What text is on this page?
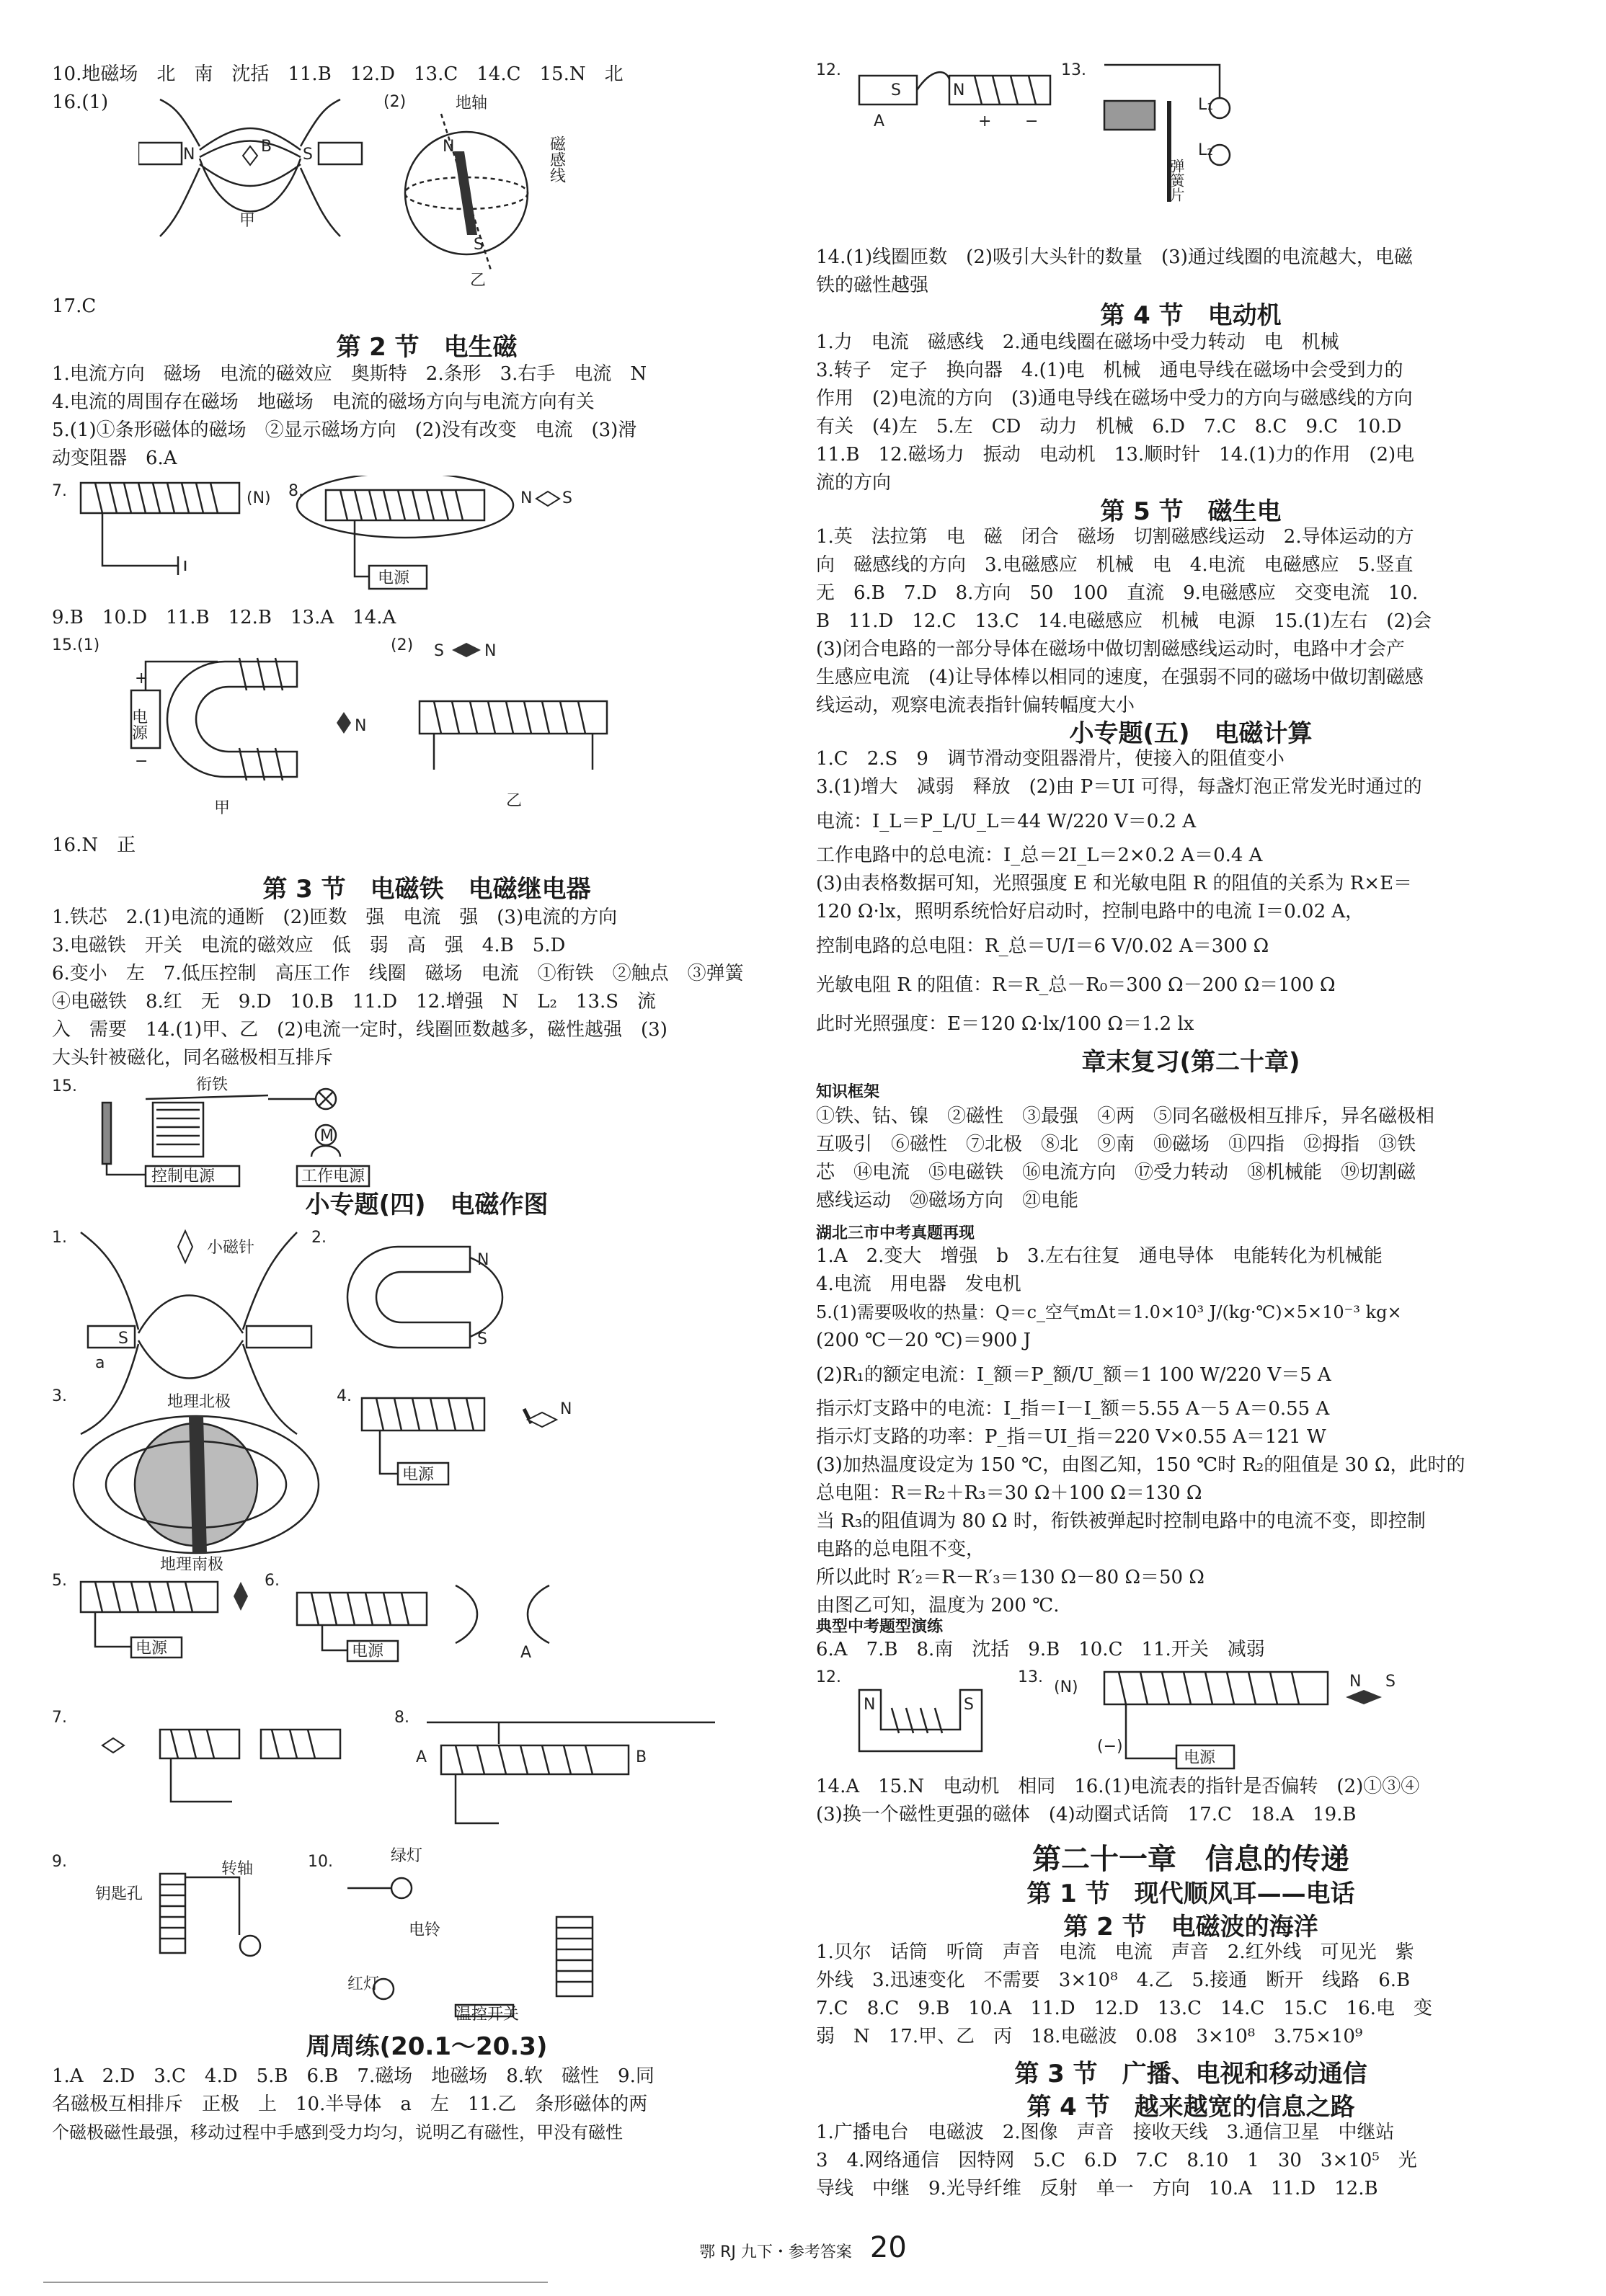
10.地磁场　北　南　沈括　11.B　12.D　13.C　14.C　15.N　北
16.(1)
N	S
B
甲
(2)	地轴
N
S
磁感线
乙
17.C
第 2 节　电生磁
1.电流方向　磁场　电流的磁效应　奥斯特　2.条形　3.右手　电流　N
4.电流的周围存在磁场　地磁场　电流的磁场方向与电流方向有关
5.(1)①条形磁体的磁场　②显示磁场方向　(2)没有改变　电流　(3)滑
动变阻器　6.A
7.	(N) 8.	N S
电源
9.B　10.D　11.B　12.B　13.A　14.A
15.(1)
+
−
电源	N
甲
(2) S	N
乙
16.N　正
第 3 节　电磁铁　电磁继电器
1.铁芯　2.(1)电流的通断　(2)匝数　强　电流　强　(3)电流的方向
3.电磁铁　开关　电流的磁效应　低　弱　高　强　4.B　5.D
6.变小　左　7.低压控制　高压工作　线圈　磁场　电流　①衔铁　②触点　③弹簧
④电磁铁　8.红　无　9.D　10.B　11.D　12.增强　N　L₂　13.S　流
入　需要　14.(1)甲、乙　(2)电流一定时，线圈匝数越多，磁性越强　(3)
大头针被磁化，同名磁极相互排斥
15.	衔铁
控制电源
M
工作电源
小专题(四)　电磁作图
1.
小磁针
S
a
2.
N
S
3.	地理北极
地理南极
4.
电源
N
5.
电源
6.
电源	A
7.	8.
A	B
9.
钥匙孔
转轴	10.	绿灯
电铃
红灯
温控开关
周周练(20.1～20.3)
1.A　2.D　3.C　4.D　5.B　6.B　7.磁场　地磁场　8.软　磁性　9.同
名磁极互相排斥　正极　上　10.半导体　a　左　11.乙　条形磁体的两
个磁极磁性最强，移动过程中手感到受力均匀，说明乙有磁性，甲没有磁性
12.
S
A
N
+ −
13.
弹簧片
L₁
L₂
14.(1)线圈匝数　(2)吸引大头针的数量　(3)通过线圈的电流越大，电磁
铁的磁性越强
第 4 节　电动机
1.力　电流　磁感线　2.通电线圈在磁场中受力转动　电　机械
3.转子　定子　换向器　4.(1)电　机械　通电导线在磁场中会受到力的
作用　(2)电流的方向　(3)通电导线在磁场中受力的方向与磁感线的方向
有关　(4)左　5.左　CD　动力　机械　6.D　7.C　8.C　9.C　10.D
11.B　12.磁场力　振动　电动机　13.顺时针　14.(1)力的作用　(2)电
流的方向
第 5 节　磁生电
1.英　法拉第　电　磁　闭合　磁场　切割磁感线运动　2.导体运动的方
向　磁感线的方向　3.电磁感应　机械　电　4.电流　电磁感应　5.竖直
无　6.B　7.D　8.方向　50　100　直流　9.电磁感应　交变电流　10.
B　11.D　12.C　13.C　14.电磁感应　机械　电源　15.(1)左右　(2)会
(3)闭合电路的一部分导体在磁场中做切割磁感线运动时，电路中才会产
生感应电流　(4)让导体棒以相同的速度，在强弱不同的磁场中做切割磁感
线运动，观察电流表指针偏转幅度大小
小专题(五)　电磁计算
1.C　2.S　9　调节滑动变阻器滑片，使接入的阻值变小
3.(1)增大　减弱　释放　(2)由 P＝UI 可得，每盏灯泡正常发光时通过的
电流：I_L＝P_L/U_L＝44 W/220 V＝0.2 A
工作电路中的总电流：I_总＝2I_L＝2×0.2 A＝0.4 A
(3)由表格数据可知，光照强度 E 和光敏电阻 R 的阻值的关系为 R×E＝
120 Ω·lx，照明系统恰好启动时，控制电路中的电流 I＝0.02 A，
控制电路的总电阻：R_总＝U/I＝6 V/0.02 A＝300 Ω
光敏电阻 R 的阻值：R＝R_总－R₀＝300 Ω－200 Ω＝100 Ω
此时光照强度：E＝120 Ω·lx/100 Ω＝1.2 lx
章末复习(第二十章)
知识框架
①铁、钴、镍　②磁性　③最强　④两　⑤同名磁极相互排斥，异名磁极相
互吸引　⑥磁性　⑦北极　⑧北　⑨南　⑩磁场　⑪四指　⑫拇指　⑬铁
芯　⑭电流　⑮电磁铁　⑯电流方向　⑰受力转动　⑱机械能　⑲切割磁
感线运动　⑳磁场方向　㉑电能
湖北三市中考真题再现
1.A　2.变大　增强　b　3.左右往复　通电导体　电能转化为机械能
4.电流　用电器　发电机
5.(1)需要吸收的热量：Q＝c_空气mΔt＝1.0×10³ J/(kg·℃)×5×10⁻³ kg×
(200 ℃－20 ℃)＝900 J
(2)R₁的额定电流：I_额＝P_额/U_额＝1 100 W/220 V＝5 A
指示灯支路中的电流：I_指＝I－I_额＝5.55 A－5 A＝0.55 A
指示灯支路的功率：P_指＝UI_指＝220 V×0.55 A＝121 W
(3)加热温度设定为 150 ℃，由图乙知，150 ℃时 R₂的阻值是 30 Ω，此时的
总电阻：R＝R₂＋R₃＝30 Ω＋100 Ω＝130 Ω
当 R₃的阻值调为 80 Ω 时，衔铁被弹起时控制电路中的电流不变，即控制
电路的总电阻不变，
所以此时 R′₂＝R－R′₃＝130 Ω－80 Ω＝50 Ω
由图乙可知，温度为 200 ℃.
典型中考题型演练
6.A　7.B　8.南　沈括　9.B　10.C　11.开关　减弱
12.
N	S
13.
(N)	N S
(−)
电源
14.A　15.N　电动机　相同　16.(1)电流表的指针是否偏转　(2)①③④
(3)换一个磁性更强的磁体　(4)动圈式话筒　17.C　18.A　19.B
第二十一章　信息的传递
第 1 节　现代顺风耳——电话
第 2 节　电磁波的海洋
1.贝尔　话筒　听筒　声音　电流　电流　声音　2.红外线　可见光　紫
外线　3.迅速变化　不需要　3×10⁸　4.乙　5.接通　断开　线路　6.B
7.C　8.C　9.B　10.A　11.D　12.D　13.C　14.C　15.C　16.电　变
弱　N　17.甲、乙　丙　18.电磁波　0.08　3×10⁸　3.75×10⁹
第 3 节　广播、电视和移动通信
第 4 节　越来越宽的信息之路
1.广播电台　电磁波　2.图像　声音　接收天线　3.通信卫星　中继站
3　4.网络通信　因特网　5.C　6.D　7.C　8.10　1　30　3×10⁵　光
导线　中继　9.光导纤维　反射　单一　方向　10.A　11.D　12.B
鄂 RJ 九下・参考答案 20
